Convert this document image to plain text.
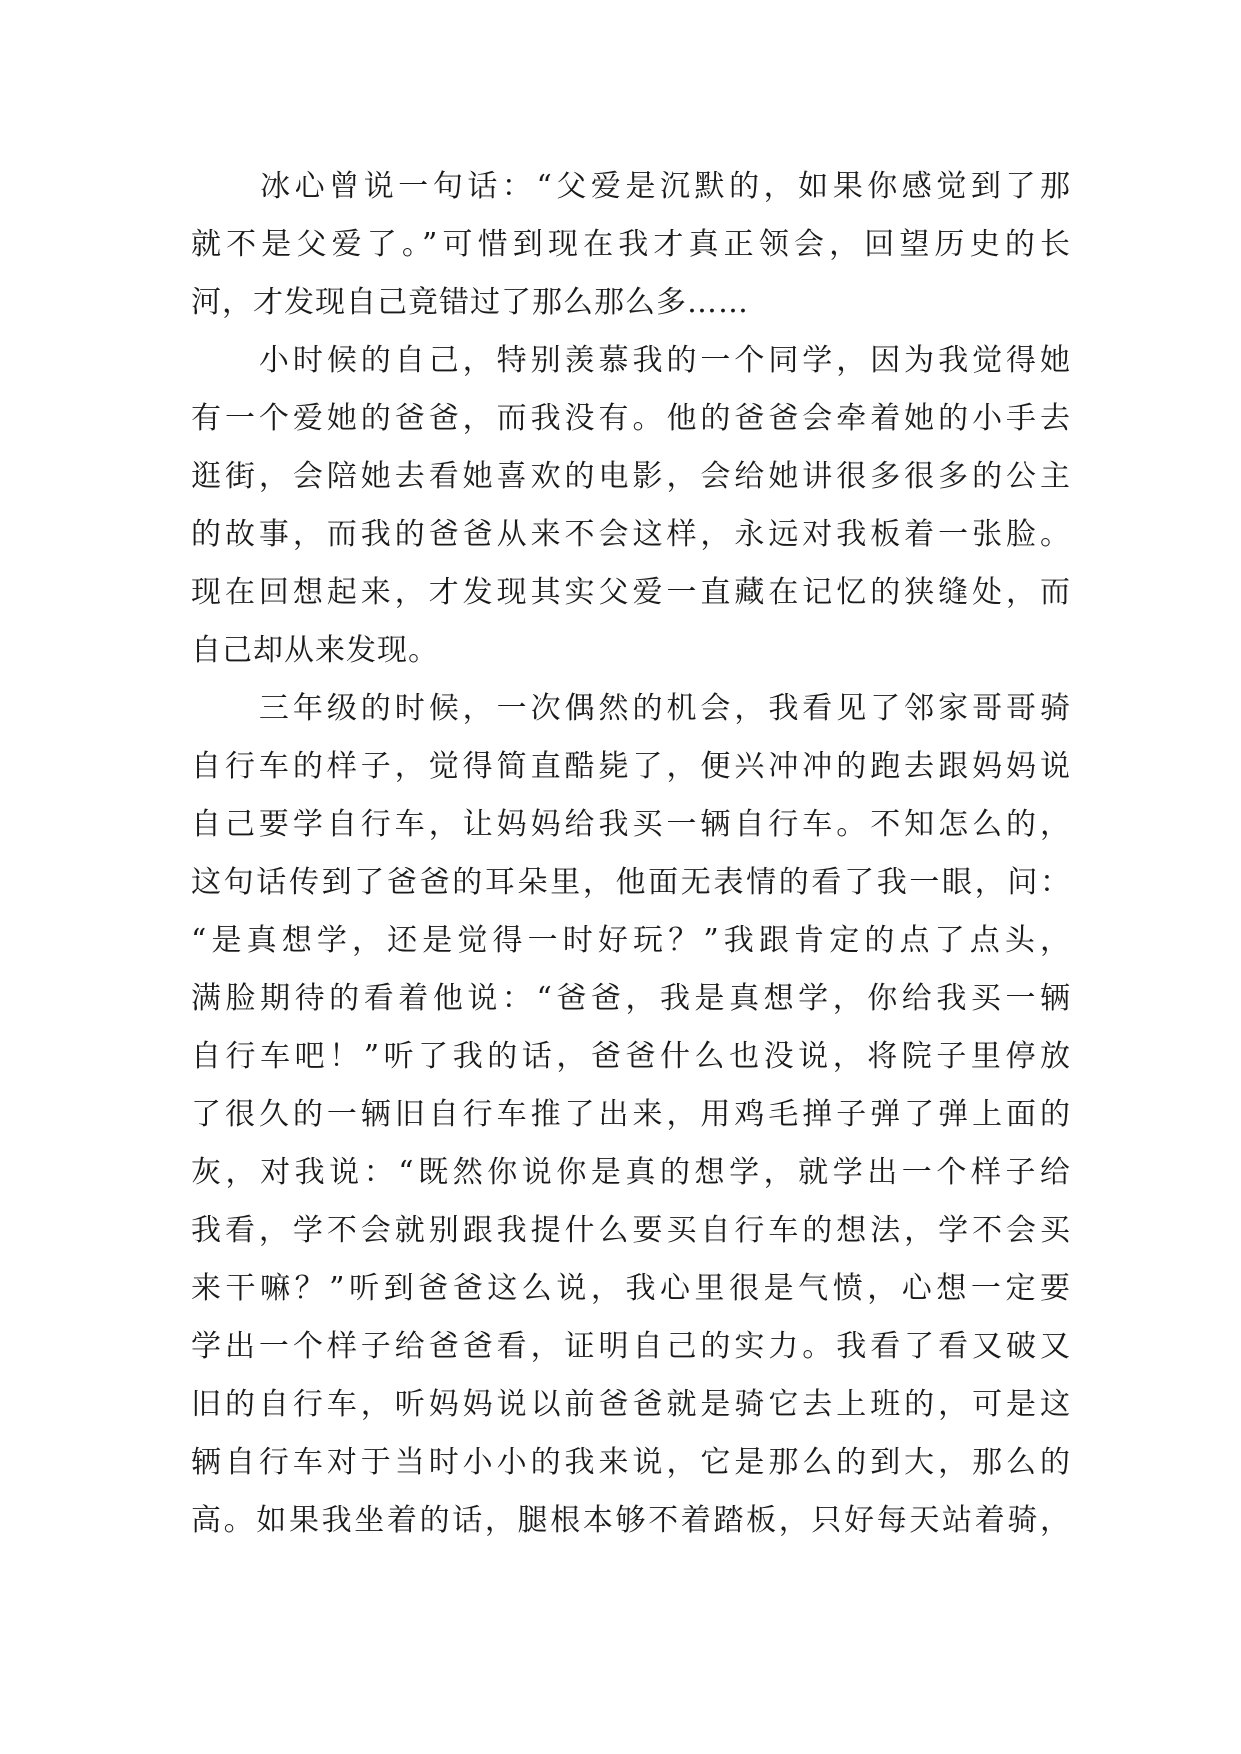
　　冰心曾说一句话：“父爱是沉默的，如果你感觉到了那
就不是父爱了。”可惜到现在我才真正领会，回望历史的长
河，才发现自己竟错过了那么那么多……
　　小时候的自己，特别羡慕我的一个同学，因为我觉得她
有一个爱她的爸爸，而我没有。他的爸爸会牵着她的小手去
逛街，会陪她去看她喜欢的电影，会给她讲很多很多的公主
的故事，而我的爸爸从来不会这样，永远对我板着一张脸。
现在回想起来，才发现其实父爱一直藏在记忆的狭缝处，而
自己却从来发现。
　　三年级的时候，一次偶然的机会，我看见了邻家哥哥骑
自行车的样子，觉得简直酷毙了，便兴冲冲的跑去跟妈妈说
自己要学自行车，让妈妈给我买一辆自行车。不知怎么的，
这句话传到了爸爸的耳朵里，他面无表情的看了我一眼，问：
“是真想学，还是觉得一时好玩？”我跟肯定的点了点头，
满脸期待的看着他说：“爸爸，我是真想学，你给我买一辆
自行车吧！”听了我的话，爸爸什么也没说，将院子里停放
了很久的一辆旧自行车推了出来，用鸡毛掸子弹了弹上面的
灰，对我说：“既然你说你是真的想学，就学出一个样子给
我看，学不会就别跟我提什么要买自行车的想法，学不会买
来干嘛？”听到爸爸这么说，我心里很是气愤，心想一定要
学出一个样子给爸爸看，证明自己的实力。我看了看又破又
旧的自行车，听妈妈说以前爸爸就是骑它去上班的，可是这
辆自行车对于当时小小的我来说，它是那么的到大，那么的
高。如果我坐着的话，腿根本够不着踏板，只好每天站着骑，
